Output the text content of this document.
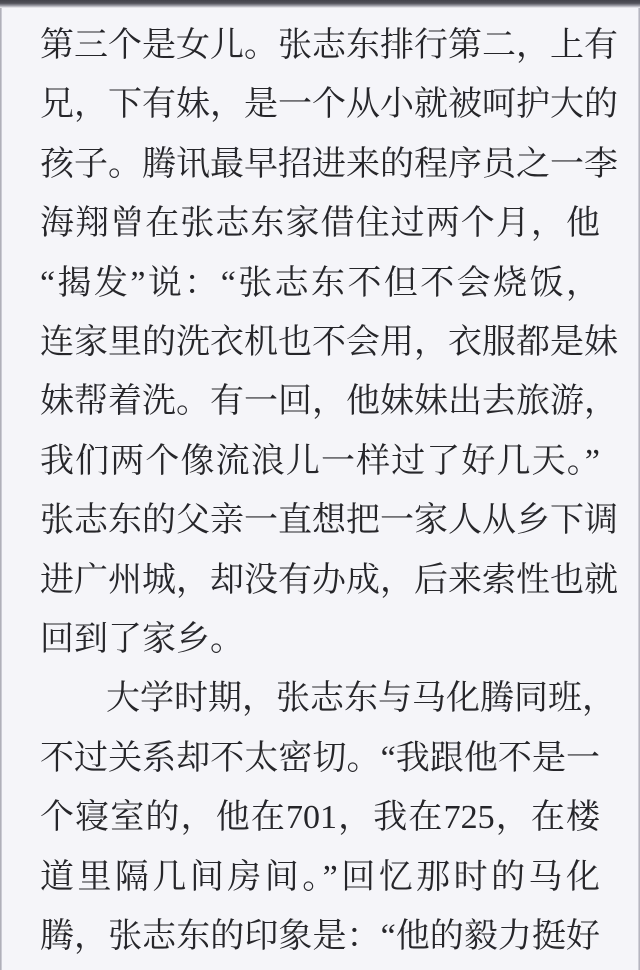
第三个是女儿。张志东排行第二，上有
兄，下有妹，是一个从小就被呵护大的
孩子。腾讯最早招进来的程序员之一李
海翔曾在张志东家借住过两个月，他
“揭发”说：“张志东不但不会烧饭，
连家里的洗衣机也不会用，衣服都是妹
妹帮着洗。有一回，他妹妹出去旅游，
我们两个像流浪儿一样过了好几天。”
张志东的父亲一直想把一家人从乡下调
进广州城，却没有办成，后来索性也就
回到了家乡。
大学时期，张志东与马化腾同班，
不过关系却不太密切。“我跟他不是一
个寝室的，他在701，我在725，在楼
道里隔几间房间。”回忆那时的马化
腾，张志东的印象是：“他的毅力挺好
